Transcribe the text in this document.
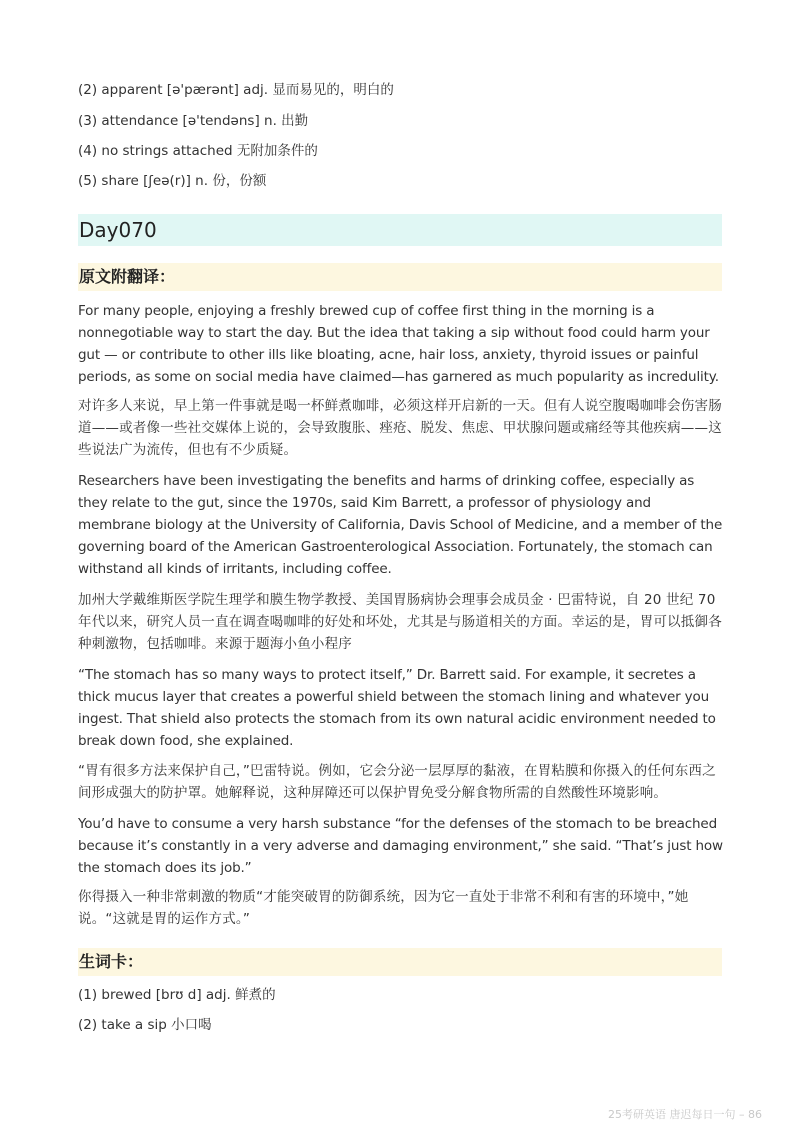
(2) apparent [ə'pærənt] adj. 显而易见的，明白的
(3) attendance [ə'tendəns] n. 出勤
(4) no strings attached 无附加条件的
(5) share [ʃeə(r)] n. 份，份额
Day070
原文附翻译：

For many people, enjoying a freshly brewed cup of coffee first thing in the morning is a nonnegotiable way to start the day. But the idea that taking a sip without food could harm your gut — or contribute to other ills like bloating, acne, hair loss, anxiety, thyroid issues or painful periods, as some on social media have claimed—has garnered as much popularity as incredulity.

对许多人来说，早上第一件事就是喝一杯鲜煮咖啡，必须这样开启新的一天。但有人说空腹喝咖啡会伤害肠道——或者像一些社交媒体上说的，会导致腹胀、痤疮、脱发、焦虑、甲状腺问题或痛经等其他疾病——这些说法广为流传，但也有不少质疑。

Researchers have been investigating the benefits and harms of drinking coffee, especially as they relate to the gut, since the 1970s, said Kim Barrett, a professor of physiology and membrane biology at the University of California, Davis School of Medicine, and a member of the governing board of the American Gastroenterological Association. Fortunately, the stomach can withstand all kinds of irritants, including coffee.

加州大学戴维斯医学院生理学和膜生物学教授、美国胃肠病协会理事会成员金 · 巴雷特说，自 20 世纪 70 年代以来，研究人员一直在调查喝咖啡的好处和坏处，尤其是与肠道相关的方面。幸运的是，胃可以抵御各种刺激物，包括咖啡。来源于题海小鱼小程序

“The stomach has so many ways to protect itself,” Dr. Barrett said. For example, it secretes a thick mucus layer that creates a powerful shield between the stomach lining and whatever you ingest. That shield also protects the stomach from its own natural acidic environment needed to break down food, she explained.

“胃有很多方法来保护自己，”巴雷特说。例如，它会分泌一层厚厚的黏液，在胃粘膜和你摄入的任何东西之间形成强大的防护罩。她解释说，这种屏障还可以保护胃免受分解食物所需的自然酸性环境影响。

You’d have to consume a very harsh substance “for the defenses of the stomach to be breached because it’s constantly in a very adverse and damaging environment,” she said. “That’s just how the stomach does its job.”

你得摄入一种非常刺激的物质“才能突破胃的防御系统，因为它一直处于非常不利和有害的环境中，”她说。“这就是胃的运作方式。”

生词卡：
(1) brewed [brʊ d] adj. 鲜煮的
(2) take a sip 小口喝
25考研英语 唐迟每日一句 – 86
